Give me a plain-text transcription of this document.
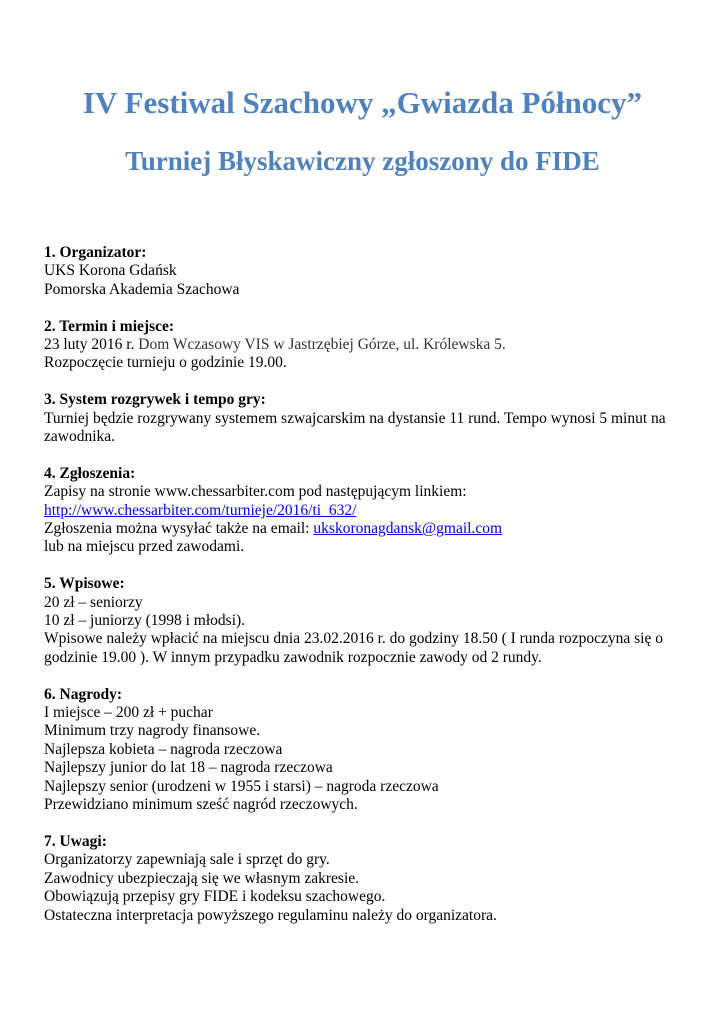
IV Festiwal Szachowy „Gwiazda Północy”
Turniej Błyskawiczny zgłoszony do FIDE
1. Organizator:
UKS Korona Gdańsk
Pomorska Akademia Szachowa
2. Termin i miejsce:
23 luty 2016 r. Dom Wczasowy VIS w Jastrzębiej Górze, ul. Królewska 5.
Rozpoczęcie turnieju o godzinie 19.00.
3. System rozgrywek i tempo gry:
Turniej będzie rozgrywany systemem szwajcarskim na dystansie 11 rund. Tempo wynosi 5 minut na zawodnika.
4. Zgłoszenia:
Zapisy na stronie www.chessarbiter.com pod następującym linkiem:
http://www.chessarbiter.com/turnieje/2016/ti_632/
Zgłoszenia można wysyłać także na email: ukskoronagdansk@gmail.com
lub na miejscu przed zawodami.
5. Wpisowe:
20 zł – seniorzy
10 zł – juniorzy (1998 i młodsi).
Wpisowe należy wpłacić na miejscu dnia 23.02.2016 r. do godziny 18.50 ( I runda rozpoczyna się o godzinie 19.00 ). W innym przypadku zawodnik rozpocznie zawody od 2 rundy.
6. Nagrody:
I miejsce – 200 zł + puchar
Minimum trzy nagrody finansowe.
Najlepsza kobieta – nagroda rzeczowa
Najlepszy junior do lat 18 – nagroda rzeczowa
Najlepszy senior (urodzeni w 1955 i starsi) – nagroda rzeczowa
Przewidziano minimum sześć nagród rzeczowych.
7. Uwagi:
Organizatorzy zapewniają sale i sprzęt do gry.
Zawodnicy ubezpieczają się we własnym zakresie.
Obowiązują przepisy gry FIDE i kodeksu szachowego.
Ostateczna interpretacja powyższego regulaminu należy do organizatora.
